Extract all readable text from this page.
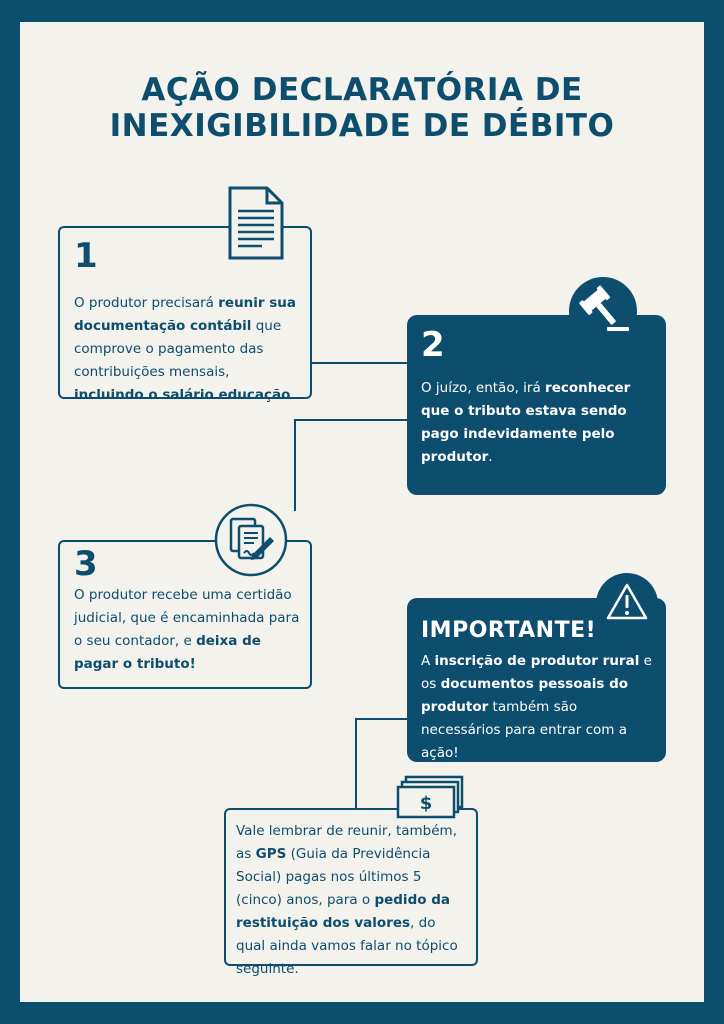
AÇÃO DECLARATÓRIA DE
INEXIGIBILIDADE DE DÉBITO
1

O produtor precisará reunir sua documentação contábil que comprove o pagamento das contribuições mensais, incluindo o salário educação.

2

O juízo, então, irá reconhecer que o tributo estava sendo pago indevidamente pelo produtor.

3

O produtor recebe uma certidão judicial, que é encaminhada para o seu contador, e deixa de pagar o tributo!

IMPORTANTE!

A inscrição de produtor rural e os documentos pessoais do produtor também são necessários para entrar com a ação!

Vale lembrar de reunir, também, as GPS (Guia da Previdência Social) pagas nos últimos 5 (cinco) anos, para o pedido da restituição dos valores, do qual ainda vamos falar no tópico seguinte.

$
